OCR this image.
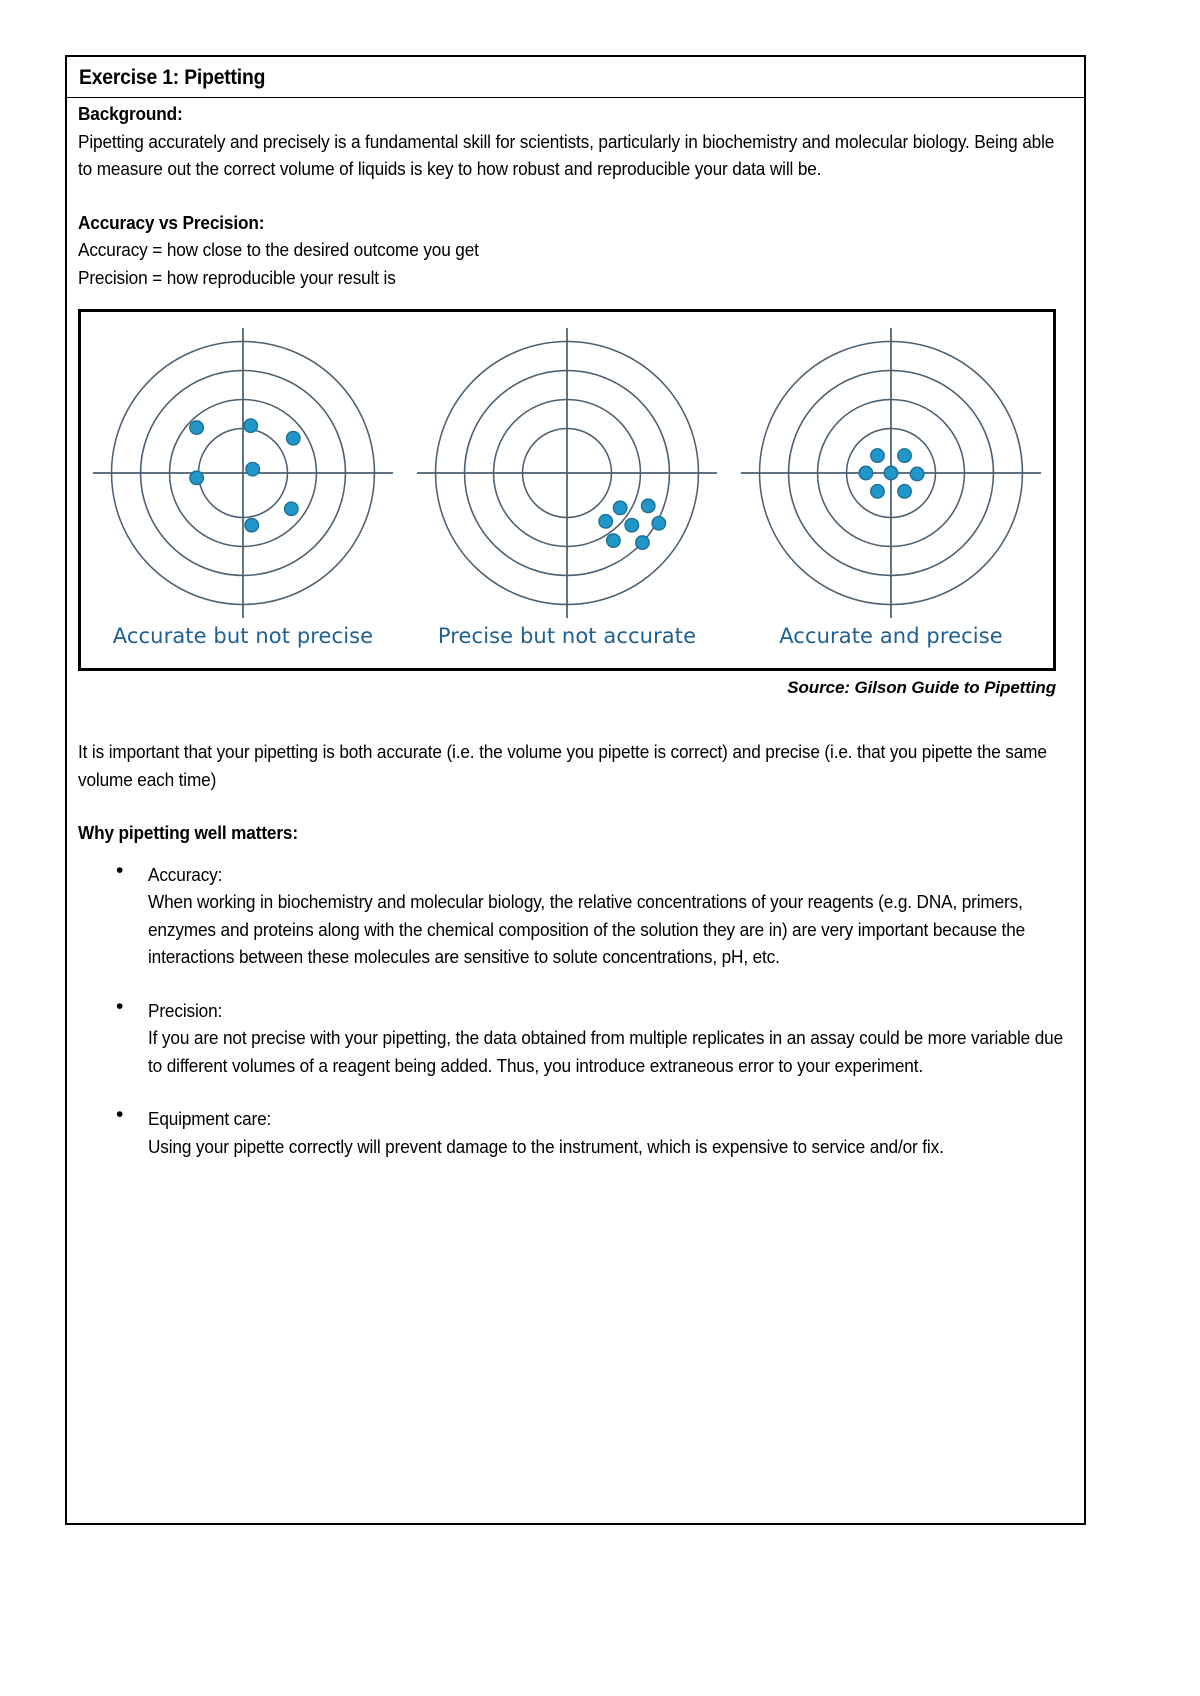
Exercise 1: Pipetting
Background:
Pipetting accurately and precisely is a fundamental skill for scientists, particularly in biochemistry and molecular biology. Being able to measure out the correct volume of liquids is key to how robust and reproducible your data will be.
Accuracy vs Precision:
Accuracy = how close to the desired outcome you get
Precision = how reproducible your result is
Accurate but not precise	Precise but not accurate	Accurate and precise
Source: Gilson Guide to Pipetting
It is important that your pipetting is both accurate (i.e. the volume you pipette is correct) and precise (i.e. that you pipette the same volume each time)
Why pipetting well matters:
• Accuracy:
When working in biochemistry and molecular biology, the relative concentrations of your reagents (e.g. DNA, primers, enzymes and proteins along with the chemical composition of the solution they are in) are very important because the interactions between these molecules are sensitive to solute concentrations, pH, etc.
• Precision:
If you are not precise with your pipetting, the data obtained from multiple replicates in an assay could be more variable due to different volumes of a reagent being added. Thus, you introduce extraneous error to your experiment.
• Equipment care:
Using your pipette correctly will prevent damage to the instrument, which is expensive to service and/or fix.
